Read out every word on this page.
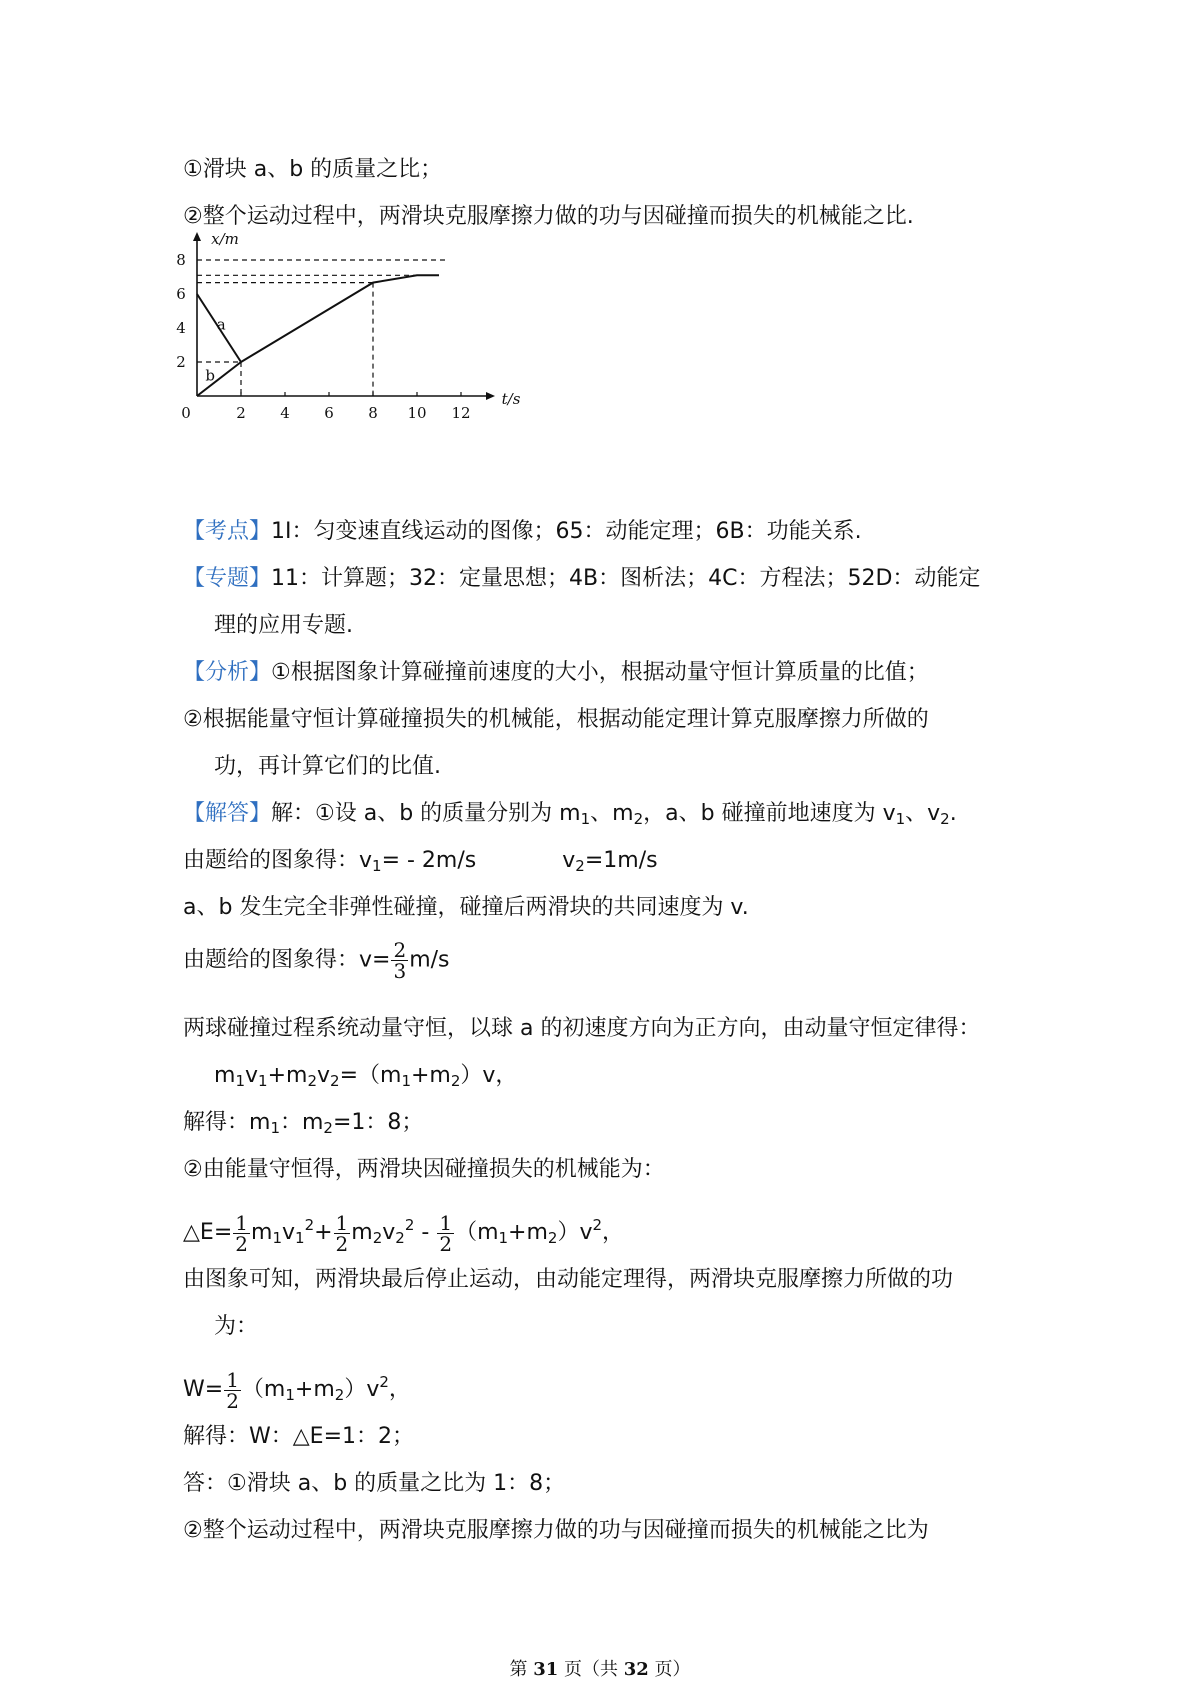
①滑块 a、b 的质量之比；
②整个运动过程中，两滑块克服摩擦力做的功与因碰撞而损失的机械能之比.
x/m
t/s
0	2 4 6 8 10 12
2
4
6
8
a
b
【考点】1I：匀变速直线运动的图像；65：动能定理；6B：功能关系.
【专题】11：计算题；32：定量思想；4B：图析法；4C：方程法；52D：动能定
理的应用专题.
【分析】①根据图象计算碰撞前速度的大小，根据动量守恒计算质量的比值；
②根据能量守恒计算碰撞损失的机械能，根据动能定理计算克服摩擦力所做的
功，再计算它们的比值.
【解答】解：①设 a、b 的质量分别为 $m_1$、$m_2$，a、b 碰撞前地速度为 $v_1$、$v_2$.
由题给的图象得：$v_1= - 2m/s$	$v_2=1m/s$
a、b 发生完全非弹性碰撞，碰撞后两滑块的共同速度为 v.
由题给的图象得：$v= \frac{2}{3} m/s$
两球碰撞过程系统动量守恒，以球 a 的初速度方向为正方向，由动量守恒定律得：
$m_1v_1+m_2v_2=(m_1+m_2)v$，
解得：$m_1$：$m_2=1$：8；
②由能量守恒得，两滑块因碰撞损失的机械能为：
△E= $\frac{1}{2} m_1v_1^2+ \frac{1}{2} m_2v_2^2 - \frac{1}{2} (m_1+m_2)v^2$，
由图象可知，两滑块最后停止运动，由动能定理得，两滑块克服摩擦力所做的功
为：
$W= \frac{1}{2} (m_1+m_2)v^2$，
解得：W：△E=1：2；
答：①滑块 a、b 的质量之比为 1：8；
②整个运动过程中，两滑块克服摩擦力做的功与因碰撞而损失的机械能之比为
第 31 页（共 32 页）
